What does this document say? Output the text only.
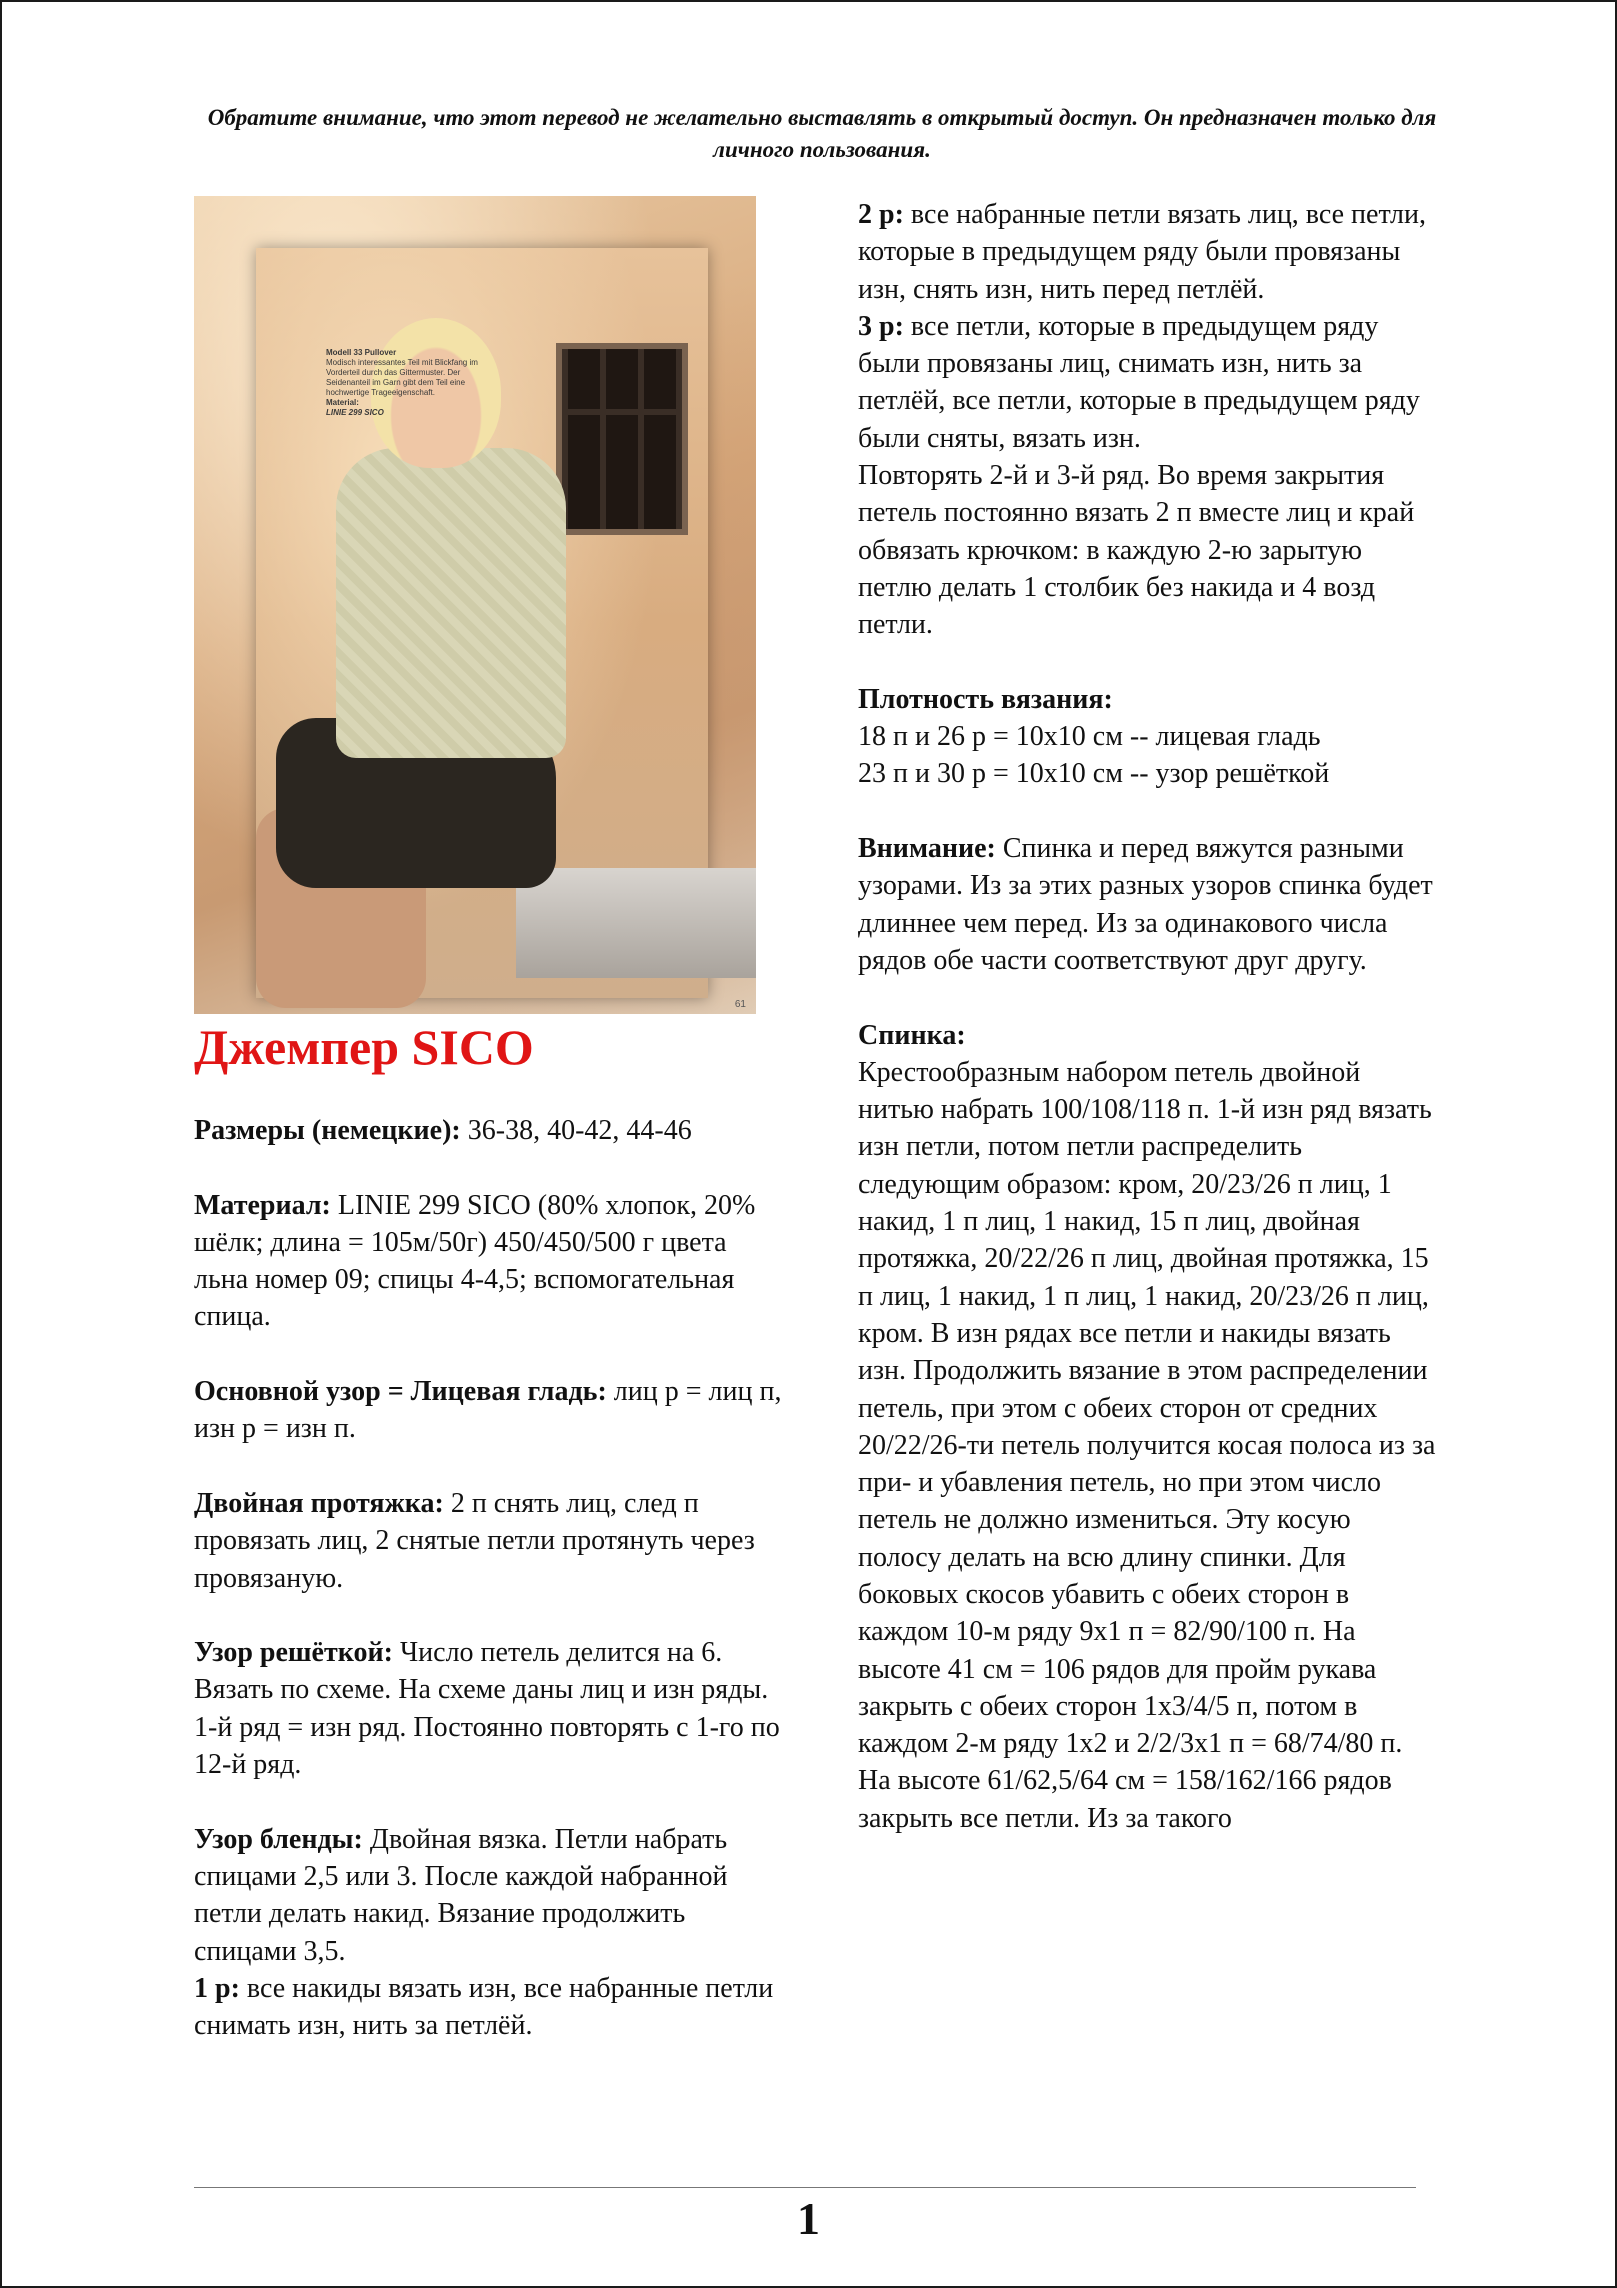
Обратите внимание, что этот перевод не желательно выставлять в открытый доступ. Он предназначен только для личного пользования.
Modell 33 Pullover
Modisch interessantes Teil mit Blickfang im Vorderteil durch das Gittermuster. Der Seidenanteil im Garn gibt dem Teil eine hochwertige Trageeigenschaft.
Material:
LINIE 299 SICO
61
Джемпер SICO

Размеры (немецкие): 36-38, 40-42, 44-46

Материал: LINIE 299 SICO (80% хлопок, 20% шёлк; длина = 105м/50г) 450/450/500 г цвета льна номер 09; спицы 4-4,5; вспомогательная спица.

Основной узор = Лицевая гладь: лиц р = лиц п, изн р = изн п.

Двойная протяжка: 2 п снять лиц, след п провязать лиц, 2 снятые петли протянуть через провязаную.

Узор решёткой: Число петель делится на 6. Вязать по схеме. На схеме даны лиц и изн ряды. 1-й ряд = изн ряд. Постоянно повторять с 1-го по 12-й ряд.

Узор бленды: Двойная вязка. Петли набрать спицами 2,5 или 3. После каждой набранной петли делать накид. Вязание продолжить спицами 3,5.

1 р: все накиды вязать изн, все набранные петли снимать изн, нить за петлёй.

2 р: все набранные петли вязать лиц, все петли, которые в предыдущем ряду были провязаны изн, снять изн, нить перед петлёй.

3 р: все петли, которые в предыдущем ряду были провязаны лиц, снимать изн, нить за петлёй, все петли, которые в предыдущем ряду были сняты, вязать изн.

Повторять 2-й и 3-й ряд. Во время закрытия петель постоянно вязать 2 п вместе лиц и край обвязать крючком: в каждую 2-ю зарытую петлю делать 1 столбик без накида и 4 возд петли.

Плотность вязания:

18 п и 26 р = 10х10 см -- лицевая гладь

23 п и 30 р = 10х10 см -- узор решёткой

Внимание: Спинка и перед вяжутся разными узорами. Из за этих разных узоров спинка будет длиннее чем перед. Из за одинакового числа рядов обе части соответствуют друг другу.

Спинка:

Крестообразным набором петель двойной нитью набрать 100/108/118 п. 1-й изн ряд вязать изн петли, потом петли распределить следующим образом: кром, 20/23/26 п лиц, 1 накид, 1 п лиц, 1 накид, 15 п лиц, двойная протяжка, 20/22/26 п лиц, двойная протяжка, 15 п лиц, 1 накид, 1 п лиц, 1 накид, 20/23/26 п лиц, кром. В изн рядах все петли и накиды вязать изн. Продолжить вязание в этом распределении петель, при этом с обеих сторон от средних 20/22/26-ти петель получится косая полоса из за при- и убавления петель, но при этом число петель не должно измениться. Эту косую полосу делать на всю длину спинки. Для боковых скосов убавить с обеих сторон в каждом 10-м ряду 9х1 п = 82/90/100 п. На высоте 41 см = 106 рядов для пройм рукава закрыть с обеих сторон 1х3/4/5 п, потом в каждом 2-м ряду 1х2 и 2/2/3х1 п = 68/74/80 п. На высоте 61/62,5/64 см = 158/162/166 рядов закрыть все петли. Из за такого

1
